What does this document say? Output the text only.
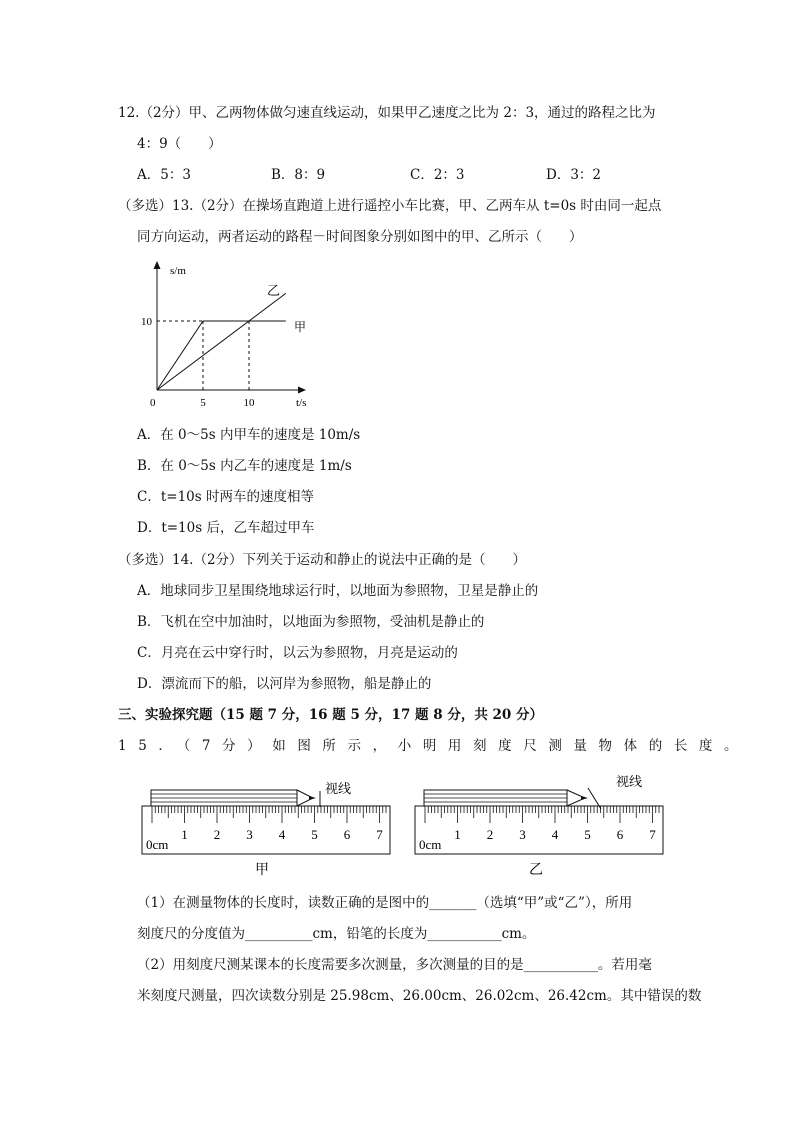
12.（2分）甲、乙两物体做匀速直线运动，如果甲乙速度之比为 2：3，通过的路程之比为
4：9（　　）
A．5：3	B．8：9	C．2：3	D．3：2
（多选）13.（2分）在操场直跑道上进行遥控小车比赛，甲、乙两车从 t=0s 时由同一起点
同方向运动，两者运动的路程－时间图象分别如图中的甲、乙所示（　　）
s/m
t/s
0	5	10
10	甲
乙
A．在 0～5s 内甲车的速度是 10m/s
B．在 0～5s 内乙车的速度是 1m/s
C．t=10s 时两车的速度相等
D．t=10s 后，乙车超过甲车
（多选）14.（2分）下列关于运动和静止的说法中正确的是（　　）
A．地球同步卫星围绕地球运行时，以地面为参照物，卫星是静止的
B．飞机在空中加油时，以地面为参照物，受油机是静止的
C．月亮在云中穿行时，以云为参照物，月亮是运动的
D．漂流而下的船，以河岸为参照物，船是静止的
三、实验探究题（15 题 7 分，16 题 5 分，17 题 8 分，共 20 分）
15．（7分）如图所示，小明用刻度尺测量物体的长度。
视线
0cm
1 2 3 4 5 6 7
甲
视线
0cm
1 2 3 4 5 6 7
乙
（1）在测量物体的长度时，读数正确的是图中的_______（选填“甲”或“乙”），所用
刻度尺的分度值为__________cm，铅笔的长度为___________cm。
（2）用刻度尺测某课本的长度需要多次测量，多次测量的目的是___________。若用毫
米刻度尺测量，四次读数分别是 25.98cm、26.00cm、26.02cm、26.42cm。其中错误的数
